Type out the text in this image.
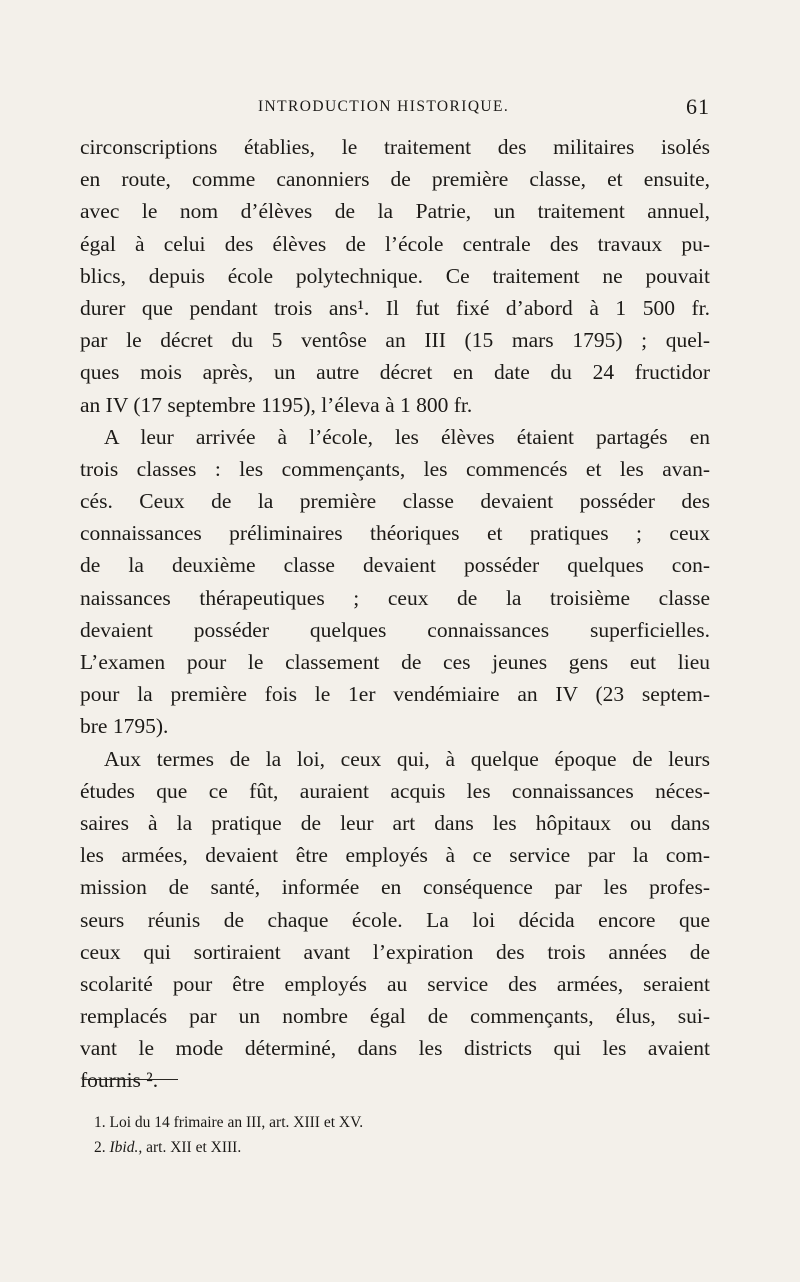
INTRODUCTION HISTORIQUE.	61
circonscriptions établies, le traitement des militaires isolés
en route, comme canonniers de première classe, et ensuite,
avec le nom d’élèves de la Patrie, un traitement annuel,
égal à celui des élèves de l’école centrale des travaux pu-
blics, depuis école polytechnique. Ce traitement ne pouvait
durer que pendant trois ans¹. Il fut fixé d’abord à 1 500 fr.
par le décret du 5 ventôse an III (15 mars 1795) ; quel-
ques mois après, un autre décret en date du 24 fructidor
an IV (17 septembre 1195), l’éleva à 1 800 fr.
A leur arrivée à l’école, les élèves étaient partagés en
trois classes : les commençants, les commencés et les avan-
cés. Ceux de la première classe devaient posséder des
connaissances préliminaires théoriques et pratiques ; ceux
de la deuxième classe devaient posséder quelques con-
naissances thérapeutiques ; ceux de la troisième classe
devaient posséder quelques connaissances superficielles.
L’examen pour le classement de ces jeunes gens eut lieu
pour la première fois le 1er vendémiaire an IV (23 septem-
bre 1795).
Aux termes de la loi, ceux qui, à quelque époque de leurs
études que ce fût, auraient acquis les connaissances néces-
saires à la pratique de leur art dans les hôpitaux ou dans
les armées, devaient être employés à ce service par la com-
mission de santé, informée en conséquence par les profes-
seurs réunis de chaque école. La loi décida encore que
ceux qui sortiraient avant l’expiration des trois années de
scolarité pour être employés au service des armées, seraient
remplacés par un nombre égal de commençants, élus, sui-
vant le mode déterminé, dans les districts qui les avaient
fournis ².
1. Loi du 14 frimaire an III, art. XIII et XV.
2. Ibid., art. XII et XIII.
